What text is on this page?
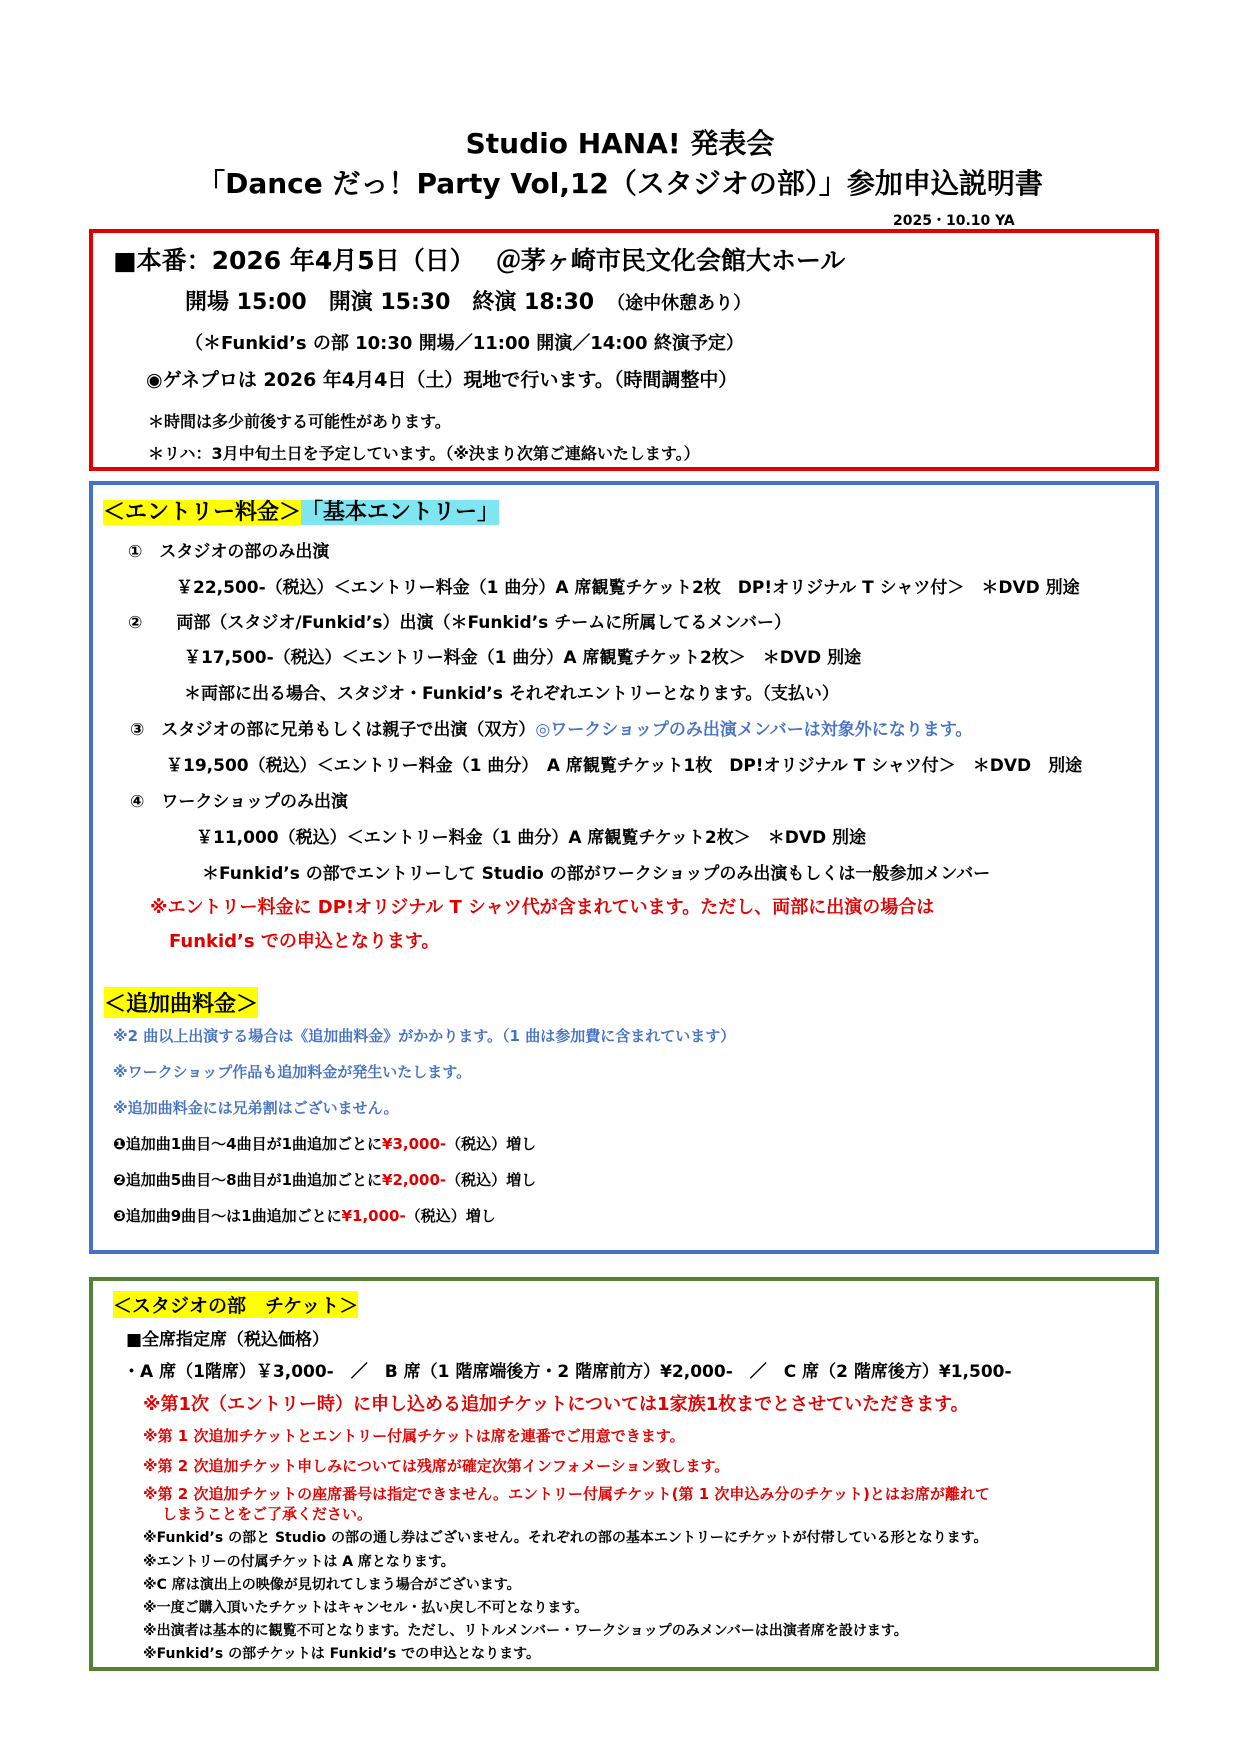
Studio HANA! 発表会
「Dance だっ！Party Vol,12（スタジオの部）」参加申込説明書
2025・10.10 YA
■本番：2026 年4月5日（日）　 ＠茅ヶ崎市民文化会館大ホール
開場 15:00　開演 15:30　終演 18:30 （途中休憩あり）
（＊Funkid’s の部 10:30 開場／11:00 開演／14:00 終演予定）
◉ゲネプロは 2026 年4月4日（土）現地で行います。（時間調整中）
＊時間は多少前後する可能性があります。
＊リハ：3月中旬土日を予定しています。（※決まり次第ご連絡いたします。）
＜エントリー料金＞「基本エントリー」
①　スタジオの部のみ出演
￥22,500-（税込）＜エントリー料金（1 曲分）A 席観覧チケット2枚　DP!オリジナル T シャツ付＞　＊DVD 別途
②　　両部（スタジオ/Funkid’s）出演（＊Funkid’s チームに所属してるメンバー）
￥17,500-（税込）＜エントリー料金（1 曲分）A 席観覧チケット2枚＞　＊DVD 別途
＊両部に出る場合、スタジオ・Funkid’s それぞれエントリーとなります。（支払い）
③　スタジオの部に兄弟もしくは親子で出演（双方）◎ワークショップのみ出演メンバーは対象外になります。
￥19,500（税込）＜エントリー料金（1 曲分）　A 席観覧チケット1枚　DP!オリジナル T シャツ付＞　＊DVD　別途
④　ワークショップのみ出演
￥11,000（税込）＜エントリー料金（1 曲分）A 席観覧チケット2枚＞　＊DVD 別途
＊Funkid’s の部でエントリーして Studio の部がワークショップのみ出演もしくは一般参加メンバー
※エントリー料金に DP!オリジナル T シャツ代が含まれています。ただし、両部に出演の場合は
Funkid’s での申込となります。
＜追加曲料金＞
※2 曲以上出演する場合は《追加曲料金》がかかります。（1 曲は参加費に含まれています）
※ワークショップ作品も追加料金が発生いたします。
※追加曲料金には兄弟割はございません。
❶追加曲1曲目～4曲目が1曲追加ごとに¥3,000-（税込）増し
❷追加曲5曲目～8曲目が1曲追加ごとに¥2,000-（税込）増し
❸追加曲9曲目～は1曲追加ごとに¥1,000-（税込）増し
＜スタジオの部　チケット＞
■全席指定席（税込価格）
・A 席（1階席）￥3,000-　／　B 席（1 階席端後方・2 階席前方）¥2,000-　／　C 席（2 階席後方）¥1,500-
※第1次（エントリー時）に申し込める追加チケットについては1家族1枚までとさせていただきます。
※第 1 次追加チケットとエントリー付属チケットは席を連番でご用意できます。
※第 2 次追加チケット申しみについては残席が確定次第インフォメーション致します。
※第 2 次追加チケットの座席番号は指定できません。エントリー付属チケット(第 1 次申込み分のチケット)とはお席が離れて
しまうことをご了承ください。
※Funkid’s の部と Studio の部の通し券はございません。それぞれの部の基本エントリーにチケットが付帯している形となります。
※エントリーの付属チケットは A 席となります。
※C 席は演出上の映像が見切れてしまう場合がございます。
※一度ご購入頂いたチケットはキャンセル・払い戻し不可となります。
※出演者は基本的に観覧不可となります。ただし、リトルメンバー・ワークショップのみメンバーは出演者席を設けます。
※Funkid’s の部チケットは Funkid’s での申込となります。
